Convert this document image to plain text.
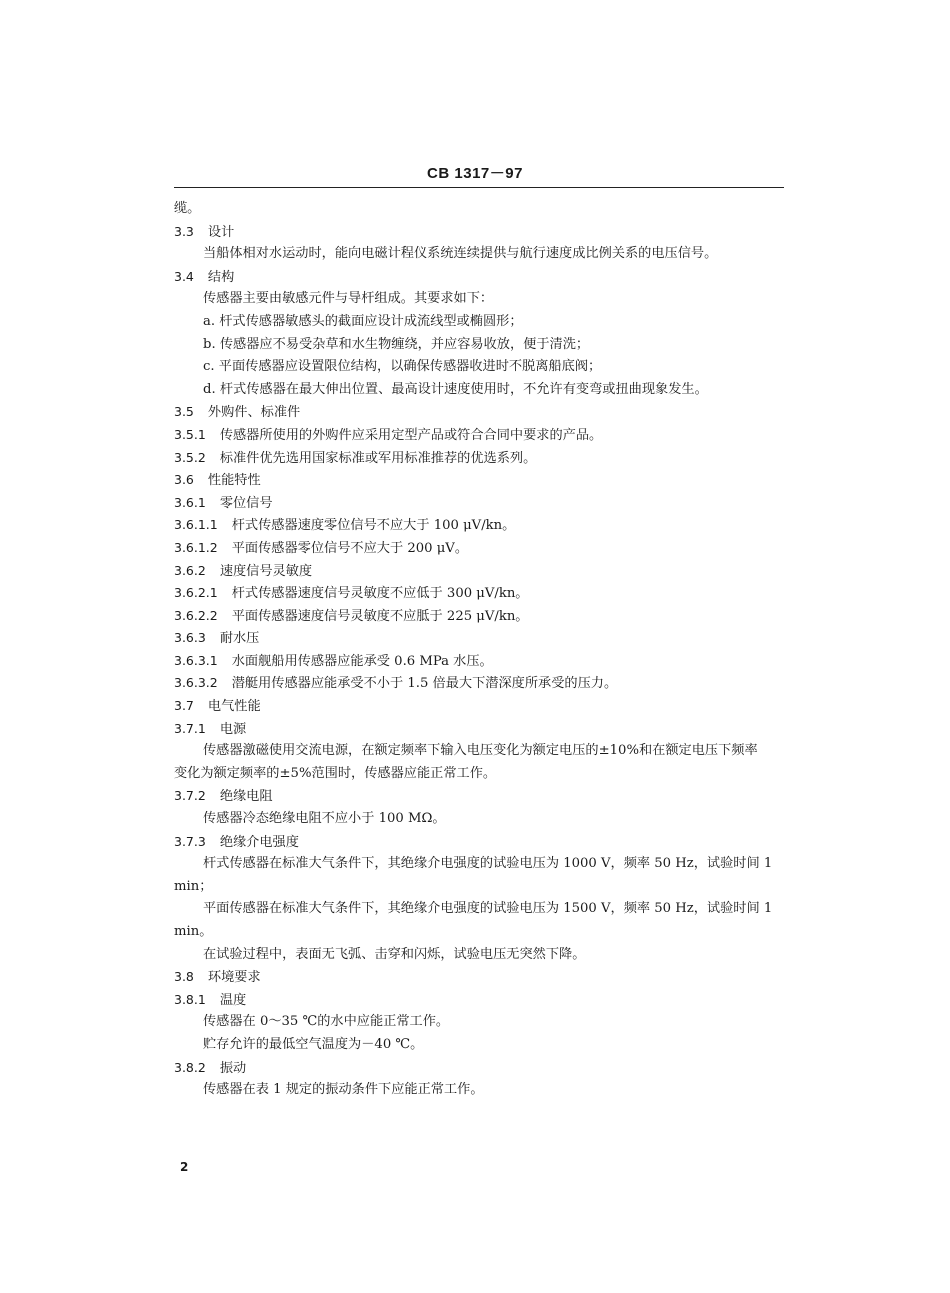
CB 1317－97
缆。
3.3 设计
当船体相对水运动时，能向电磁计程仪系统连续提供与航行速度成比例关系的电压信号。
3.4 结构
传感器主要由敏感元件与导杆组成。其要求如下：
a. 杆式传感器敏感头的截面应设计成流线型或椭圆形；
b. 传感器应不易受杂草和水生物缠绕，并应容易收放，便于清洗；
c. 平面传感器应设置限位结构，以确保传感器收进时不脱离船底阀；
d. 杆式传感器在最大伸出位置、最高设计速度使用时，不允许有变弯或扭曲现象发生。
3.5 外购件、标准件
3.5.1 传感器所使用的外购件应采用定型产品或符合合同中要求的产品。
3.5.2 标准件优先选用国家标准或军用标准推荐的优选系列。
3.6 性能特性
3.6.1 零位信号
3.6.1.1 杆式传感器速度零位信号不应大于 100 μV/kn。
3.6.1.2 平面传感器零位信号不应大于 200 μV。
3.6.2 速度信号灵敏度
3.6.2.1 杆式传感器速度信号灵敏度不应低于 300 μV/kn。
3.6.2.2 平面传感器速度信号灵敏度不应胝于 225 μV/kn。
3.6.3 耐水压
3.6.3.1 水面舰船用传感器应能承受 0.6 MPa 水压。
3.6.3.2 潜艇用传感器应能承受不小于 1.5 倍最大下潜深度所承受的压力。
3.7 电气性能
3.7.1 电源
传感器激磁使用交流电源，在额定频率下输入电压变化为额定电压的±10%和在额定电压下频率
变化为额定频率的±5%范围时，传感器应能正常工作。
3.7.2 绝缘电阻
传感器冷态绝缘电阻不应小于 100 MΩ。
3.7.3 绝缘介电强度
杆式传感器在标准大气条件下，其绝缘介电强度的试验电压为 1000 V，频率 50 Hz，试验时间 1
min；
平面传感器在标准大气条件下，其绝缘介电强度的试验电压为 1500 V，频率 50 Hz，试验时间 1
min。
在试验过程中，表面无飞弧、击穿和闪烁，试验电压无突然下降。
3.8 环境要求
3.8.1 温度
传感器在 0～35 ℃的水中应能正常工作。
贮存允许的最低空气温度为－40 ℃。
3.8.2 振动
传感器在表 1 规定的振动条件下应能正常工作。
2
